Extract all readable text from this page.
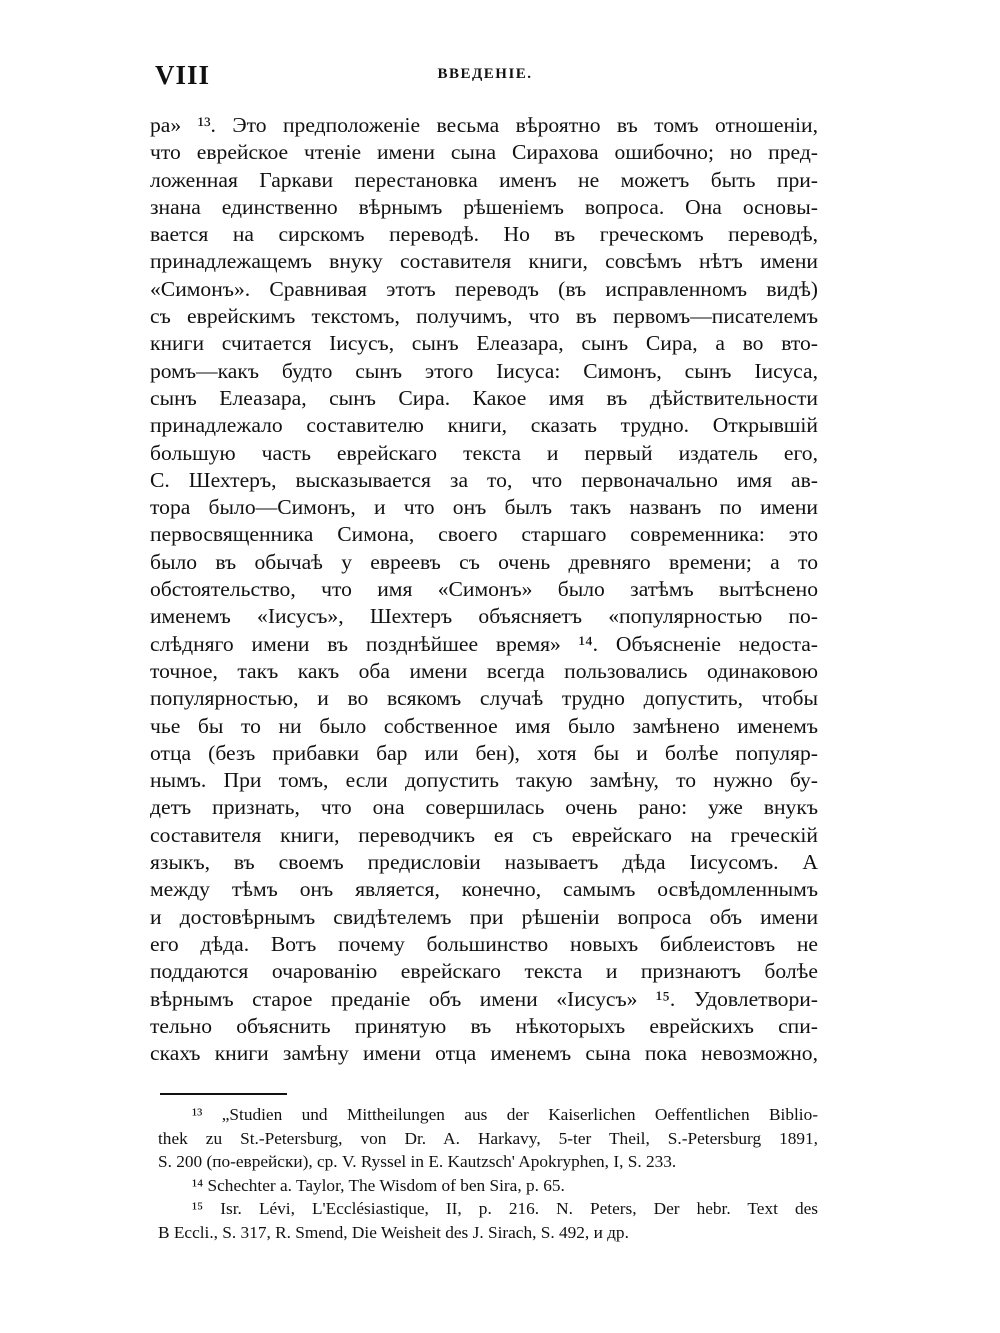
VIII	ВВЕДЕНІЕ.
ра» ¹³. Это предположеніе весьма вѣроятно въ томъ отношеніи,
что еврейское чтеніе имени сына Сирахова ошибочно; но пред-
ложенная Гаркави перестановка именъ не можетъ быть при-
знана единственно вѣрнымъ рѣшеніемъ вопроса. Она основы-
вается на сирскомъ переводѣ. Но въ греческомъ переводѣ,
принадлежащемъ внуку составителя книги, совсѣмъ нѣтъ имени
«Симонъ». Сравнивая этотъ переводъ (въ исправленномъ видѣ)
съ еврейскимъ текстомъ, получимъ, что въ первомъ—писателемъ
книги считается Іисусъ, сынъ Елеазара, сынъ Сира, а во вто-
ромъ—какъ будто сынъ этого Іисуса: Симонъ, сынъ Іисуса,
сынъ Елеазара, сынъ Сира. Какое имя въ дѣйствительности
принадлежало составителю книги, сказать трудно. Открывшій
большую часть еврейскаго текста и первый издатель его,
С. Шехтеръ, высказывается за то, что первоначально имя ав-
тора было—Симонъ, и что онъ былъ такъ названъ по имени
первосвященника Симона, своего старшаго современника: это
было въ обычаѣ у евреевъ съ очень древняго времени; а то
обстоятельство, что имя «Симонъ» было затѣмъ вытѣснено
именемъ «Іисусъ», Шехтеръ объясняетъ «популярностью по-
слѣдняго имени въ позднѣйшее время» ¹⁴. Объясненіе недоста-
точное, такъ какъ оба имени всегда пользовались одинаковою
популярностью, и во всякомъ случаѣ трудно допустить, чтобы
чье бы то ни было собственное имя было замѣнено именемъ
отца (безъ прибавки бар или бен), хотя бы и болѣе популяр-
нымъ. При томъ, если допустить такую замѣну, то нужно бу-
детъ признать, что она совершилась очень рано: уже внукъ
составителя книги, переводчикъ ея съ еврейскаго на греческій
языкъ, въ своемъ предисловіи называетъ дѣда Іисусомъ. А
между тѣмъ онъ является, конечно, самымъ освѣдомленнымъ
и достовѣрнымъ свидѣтелемъ при рѣшеніи вопроса объ имени
его дѣда. Вотъ почему большинство новыхъ библеистовъ не
поддаются очарованію еврейскаго текста и признаютъ болѣе
вѣрнымъ старое преданіе объ имени «Іисусъ» ¹⁵. Удовлетвори-
тельно объяснить принятую въ нѣкоторыхъ еврейскихъ спи-
скахъ книги замѣну имени отца именемъ сына пока невозможно,
¹³ „Studien und Mittheilungen aus der Kaiserlichen Oeffentlichen Biblio-
thek zu St.-Petersburg, von Dr. A. Harkavy, 5-ter Theil, S.-Petersburg 1891,
S. 200 (по-еврейски), ср. V. Ryssel in E. Kautzsch' Apokryphen, I, S. 233.
¹⁴ Schechter a. Taylor, The Wisdom of ben Sira, p. 65.
¹⁵ Isr. Lévi, L'Ecclésiastique, II, p. 216. N. Peters, Der hebr. Text des
B Eccli., S. 317, R. Smend, Die Weisheit des J. Sirach, S. 492, и др.
